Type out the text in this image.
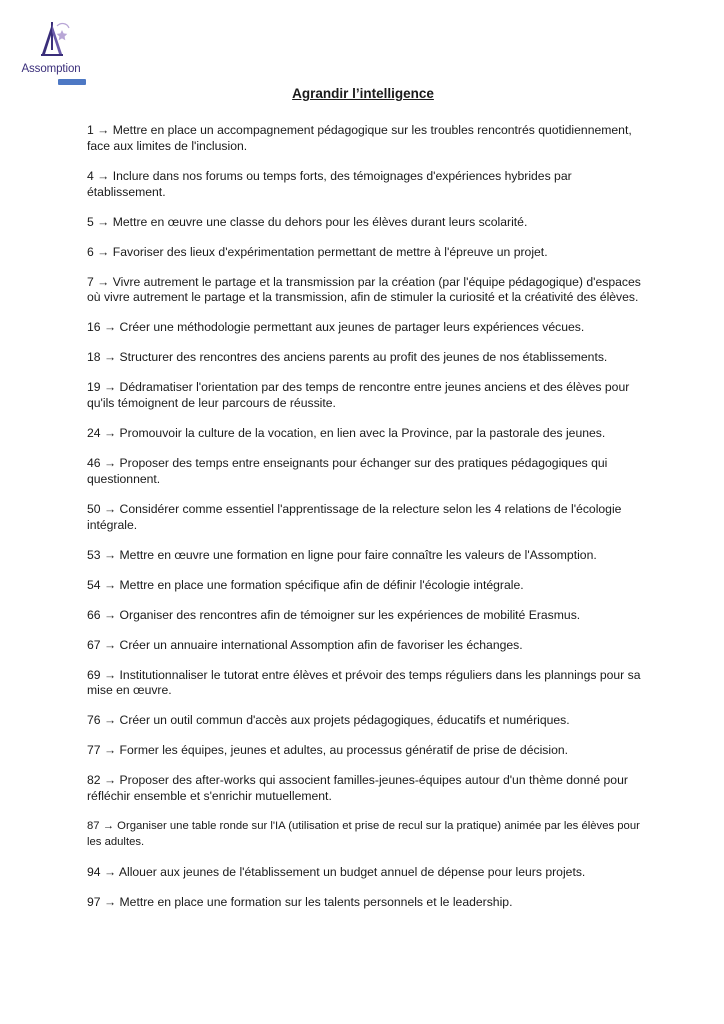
Assomption
Agrandir l’intelligence
1 → Mettre en place un accompagnement pédagogique sur les troubles rencontrés quotidiennement, face aux limites de l'inclusion.
4 → Inclure dans nos forums ou temps forts, des témoignages d'expériences hybrides par établissement.
5 → Mettre en œuvre une classe du dehors pour les élèves durant leurs scolarité.
6 → Favoriser des lieux d'expérimentation permettant de mettre à l'épreuve un projet.
7 → Vivre autrement le partage et la transmission par la création (par l'équipe pédagogique) d'espaces où vivre autrement le partage et la transmission, afin de stimuler la curiosité et la créativité des élèves.
16 → Créer une méthodologie permettant aux jeunes de partager leurs expériences vécues.
18 → Structurer des rencontres des anciens parents au profit des jeunes de nos établissements.
19 → Dédramatiser l'orientation par des temps de rencontre entre jeunes anciens et des élèves pour qu'ils témoignent de leur parcours de réussite.
24 → Promouvoir la culture de la vocation, en lien avec la Province, par la pastorale des jeunes.
46 → Proposer des temps entre enseignants pour échanger sur des pratiques pédagogiques qui questionnent.
50 → Considérer comme essentiel l'apprentissage de la relecture selon les 4 relations de l'écologie intégrale.
53 → Mettre en œuvre une formation en ligne pour faire connaître les valeurs de l'Assomption.
54 → Mettre en place une formation spécifique afin de définir l'écologie intégrale.
66 → Organiser des rencontres afin de témoigner sur les expériences de mobilité Erasmus.
67 → Créer un annuaire international Assomption afin de favoriser les échanges.
69 → Institutionnaliser le tutorat entre élèves et prévoir des temps réguliers dans les plannings pour sa mise en œuvre.
76 → Créer un outil commun d'accès aux projets pédagogiques, éducatifs et numériques.
77 → Former les équipes, jeunes et adultes, au processus génératif de prise de décision.
82 → Proposer des after-works qui associent familles-jeunes-équipes autour d'un thème donné pour réfléchir ensemble et s'enrichir mutuellement.
87 → Organiser une table ronde sur l'IA (utilisation et prise de recul sur la pratique) animée par les élèves pour les adultes.
94 → Allouer aux jeunes de l'établissement un budget annuel de dépense pour leurs projets.
97 → Mettre en place une formation sur les talents personnels et le leadership.
